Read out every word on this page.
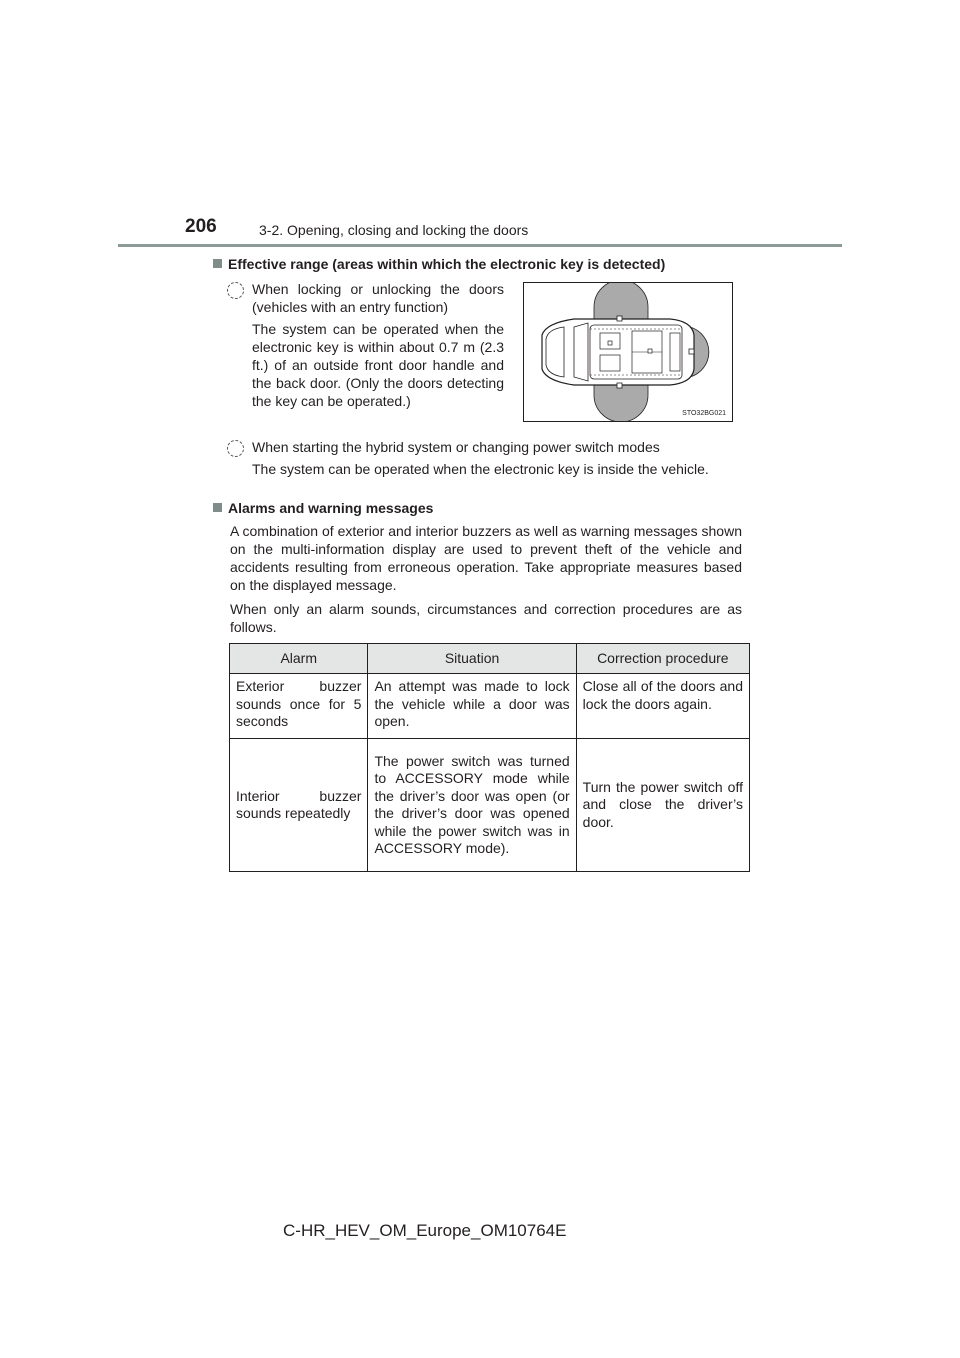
206	3-2. Opening, closing and locking the doors
Effective range (areas within which the electronic key is detected)
When locking or unlocking the doors (vehicles with an entry function)
The system can be operated when the electronic key is within about 0.7 m (2.3 ft.) of an outside front door handle and the back door. (Only the doors detecting the key can be operated.)
STO32BG021
When starting the hybrid system or changing power switch modes
The system can be operated when the electronic key is inside the vehicle.
Alarms and warning messages
A combination of exterior and interior buzzers as well as warning messages shown on the multi-information display are used to prevent theft of the vehicle and accidents resulting from erroneous operation. Take appropriate measures based on the displayed message.
When only an alarm sounds, circumstances and correction procedures are as follows.
Alarm	Situation	Correction procedure
Exterior buzzer sounds once for 5 seconds	An attempt was made to lock the vehicle while a door was open.	Close all of the doors and lock the doors again.
Interior buzzer sounds repeatedly	The power switch was turned to ACCESSORY mode while the driver’s door was open (or the driver’s door was opened while the power switch was in ACCESSORY mode).	Turn the power switch off and close the driver’s door.
C-HR_HEV_OM_Europe_OM10764E
